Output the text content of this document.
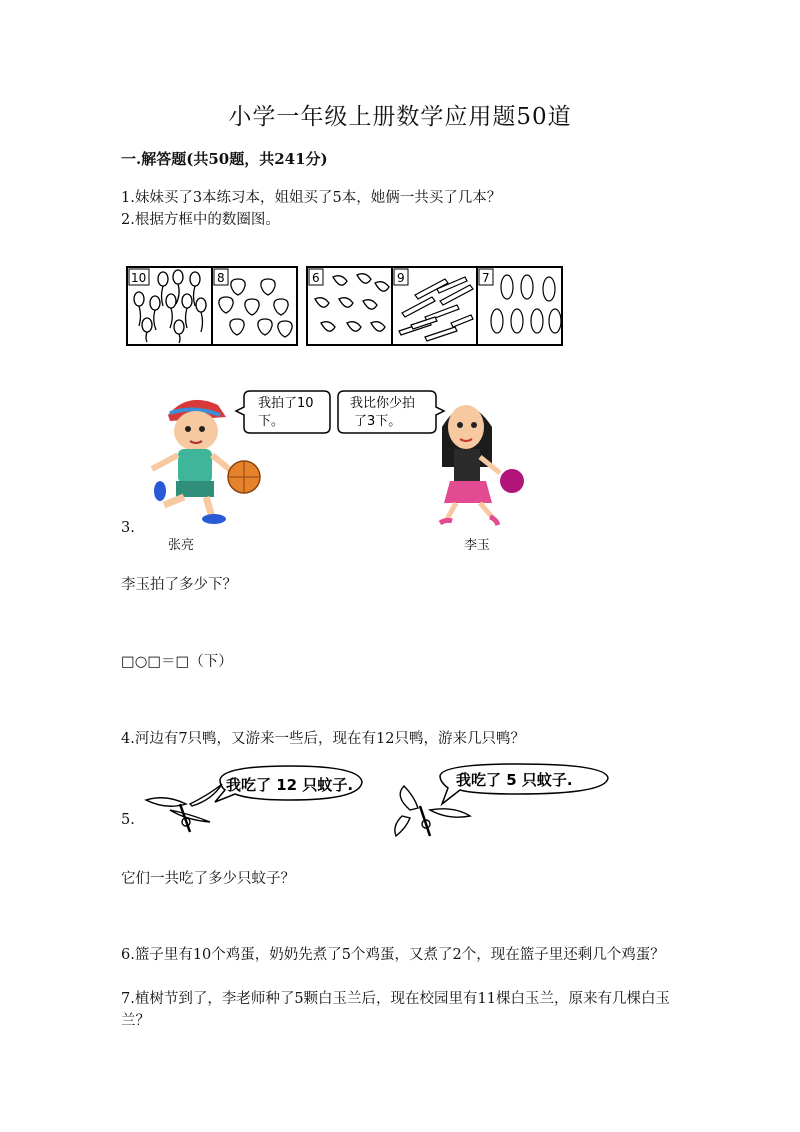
小学一年级上册数学应用题50道
一.解答题(共50题，共241分)
1.妹妹买了3本练习本，姐姐买了5本，她俩一共买了几本？
2.根据方框中的数圈图。
10	8	6	9	7
3.
我拍了10
下。
我比你少拍
了3下。
张亮	李玉
李玉拍了多少下？
□○□＝□（下）
4.河边有7只鸭，又游来一些后，现在有12只鸭，游来几只鸭？
5.
我吃了 12 只蚊子.	我吃了 5 只蚊子.
它们一共吃了多少只蚊子？
6.篮子里有10个鸡蛋，奶奶先煮了5个鸡蛋，又煮了2个，现在篮子里还剩几个鸡蛋？
7.植树节到了，李老师种了5颗白玉兰后，现在校园里有11棵白玉兰，原来有几棵白玉兰？
